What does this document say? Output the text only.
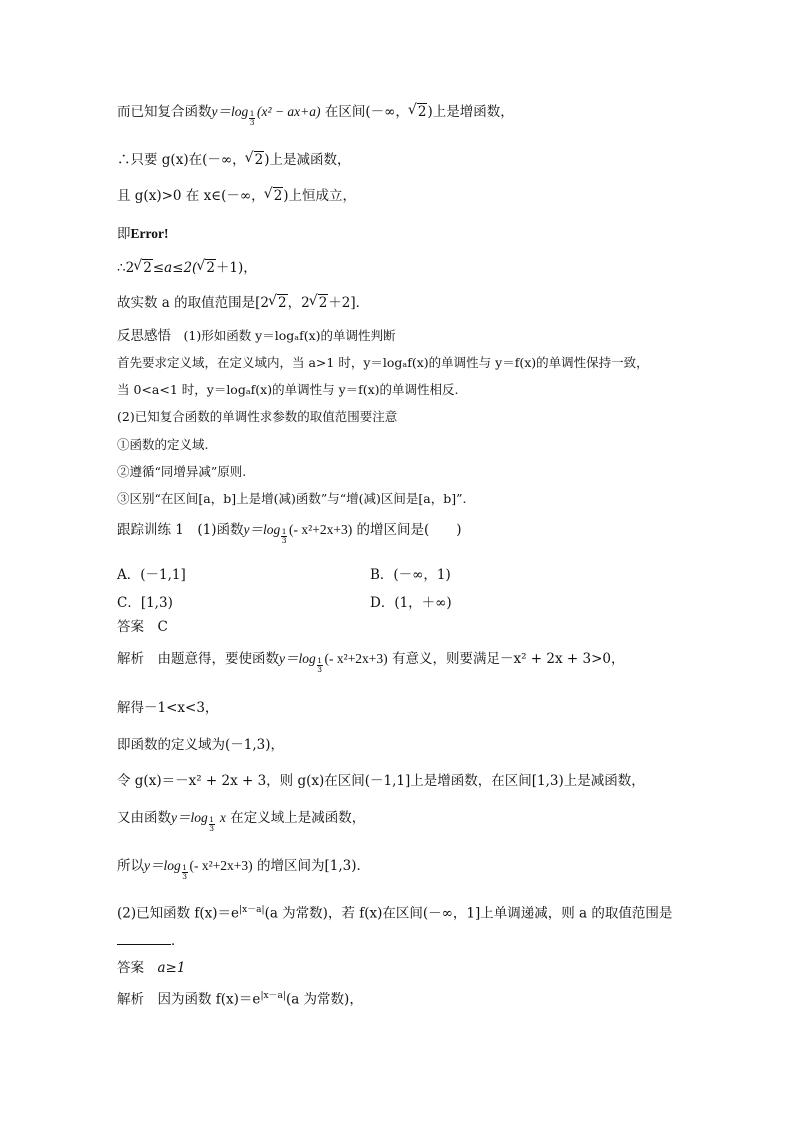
而已知复合函数$y=\log \frac{1}{3} (x^2 - ax+a)$ 在区间(－∞， √ 2)上是增函数，
∴只要 g(x)在(－∞， √ 2)上是减函数，
且 g(x)>0 在 x∈(－∞， √ 2)上恒成立，
即Error!
∴2 √ 2≤a≤2( √ 2＋1)，
故实数 a 的取值范围是[2 √ 2，2 √ 2＋2]．
反思感悟　(1)形如函数 y＝logₐf(x)的单调性判断
首先要求定义域，在定义域内，当 a>1 时，y＝logₐf(x)的单调性与 y＝f(x)的单调性保持一致，
当 0<a<1 时，y＝logₐf(x)的单调性与 y＝f(x)的单调性相反.
(2)已知复合函数的单调性求参数的取值范围要注意
①函数的定义域.
②遵循“同增异减”原则.
③区别“在区间[a，b]上是增(减)函数”与“增(减)区间是[a，b]”.
跟踪训练 1　(1)函数$y=\log \frac{1}{3}$ (- x²+2x+3) 的增区间是(　　)
A．(－1,1]	B．(－∞，1)
C．[1,3)	D．(1，＋∞)
答案　C
解析　由题意得，要使函数$y=\log \frac{1}{3}$ (- x²+2x+3) 有意义，则要满足－x² + 2x + 3>0，
解得－1<x<3，
即函数的定义域为(－1,3)，
令 g(x)＝－x² + 2x + 3，则 g(x)在区间(－1,1]上是增函数，在区间[1,3)上是减函数，
又由函数$y=\log \frac{1}{3}$ x 在定义域上是减函数，
所以$y=\log \frac{1}{3}$ (- x²+2x+3) 的增区间为[1,3)．
(2)已知函数 $f(x)=e^{|x-a|}(a$ 为常数)，若 f(x)在区间(－∞，1]上单调递减，则 a 的取值范围是
．
答案　a≥1
解析　因为函数 $f(x)=e^{|x-a|}(a$ 为常数)，
